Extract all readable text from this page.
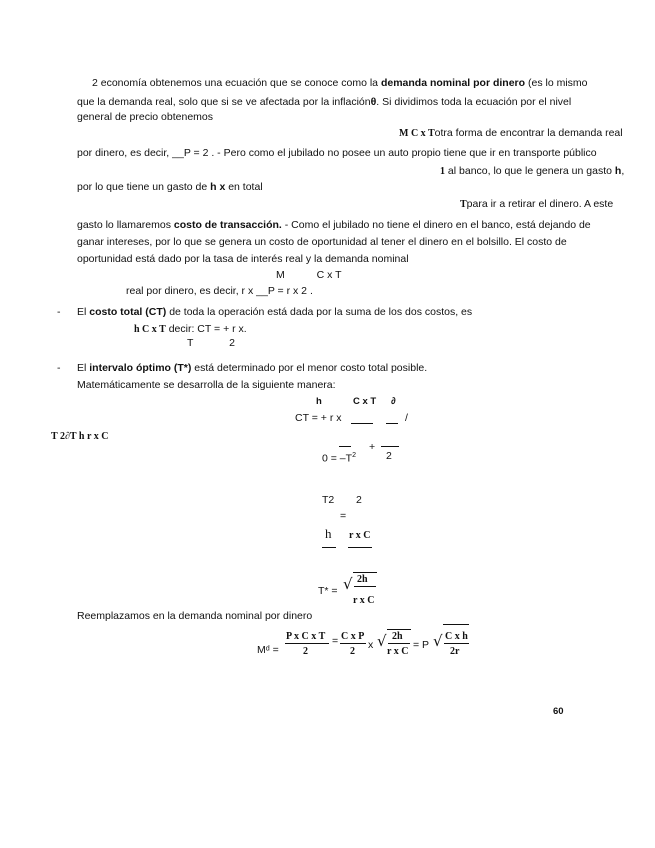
2 economía obtenemos una ecuación que se conoce como la demanda nominal por dinero (es lo mismo
que la demanda real, solo que si se ve afectada por la inflaciónθ. Si dividimos toda la ecuación por el nivel
general de precio obtenemos
M C x Totra forma de encontrar la demanda real
por dinero, es decir, __P = 2 . - Pero como el jubilado no posee un auto propio tiene que ir en transporte público
1 al banco, lo que le genera un gasto h,
por lo que tiene un gasto de h x en total
Tpara ir a retirar el dinero. A este
gasto lo llamaremos costo de transacción. - Como el jubilado no tiene el dinero en el banco, está dejando de
ganar intereses, por lo que se genera un costo de oportunidad al tener el dinero en el bolsillo. El costo de
oportunidad está dado por la tasa de interés real y la demanda nominal
M	C x T
real por dinero, es decir, r x __P = r x 2 .
- El costo total (CT) de toda la operación está dada por la suma de los dos costos, es
h C x T decir: CT = + r x.
T	2
- El intervalo óptimo (T*) está determinado por el menor costo total posible.
Matemáticamente se desarrolla de la siguiente manera:
h	C x T ∂
CT = + r x	/
T 2∂T h r x C
$0 = -T^2$
+
2
T2 2
=
h r x C
T* = √ 2h
r x C
Reemplazamos en la demanda nominal por dinero
Mᵈ =
P x C x T
2
= C x P
2
x √ 2h
r x C
= P √ C x h
2r
60
